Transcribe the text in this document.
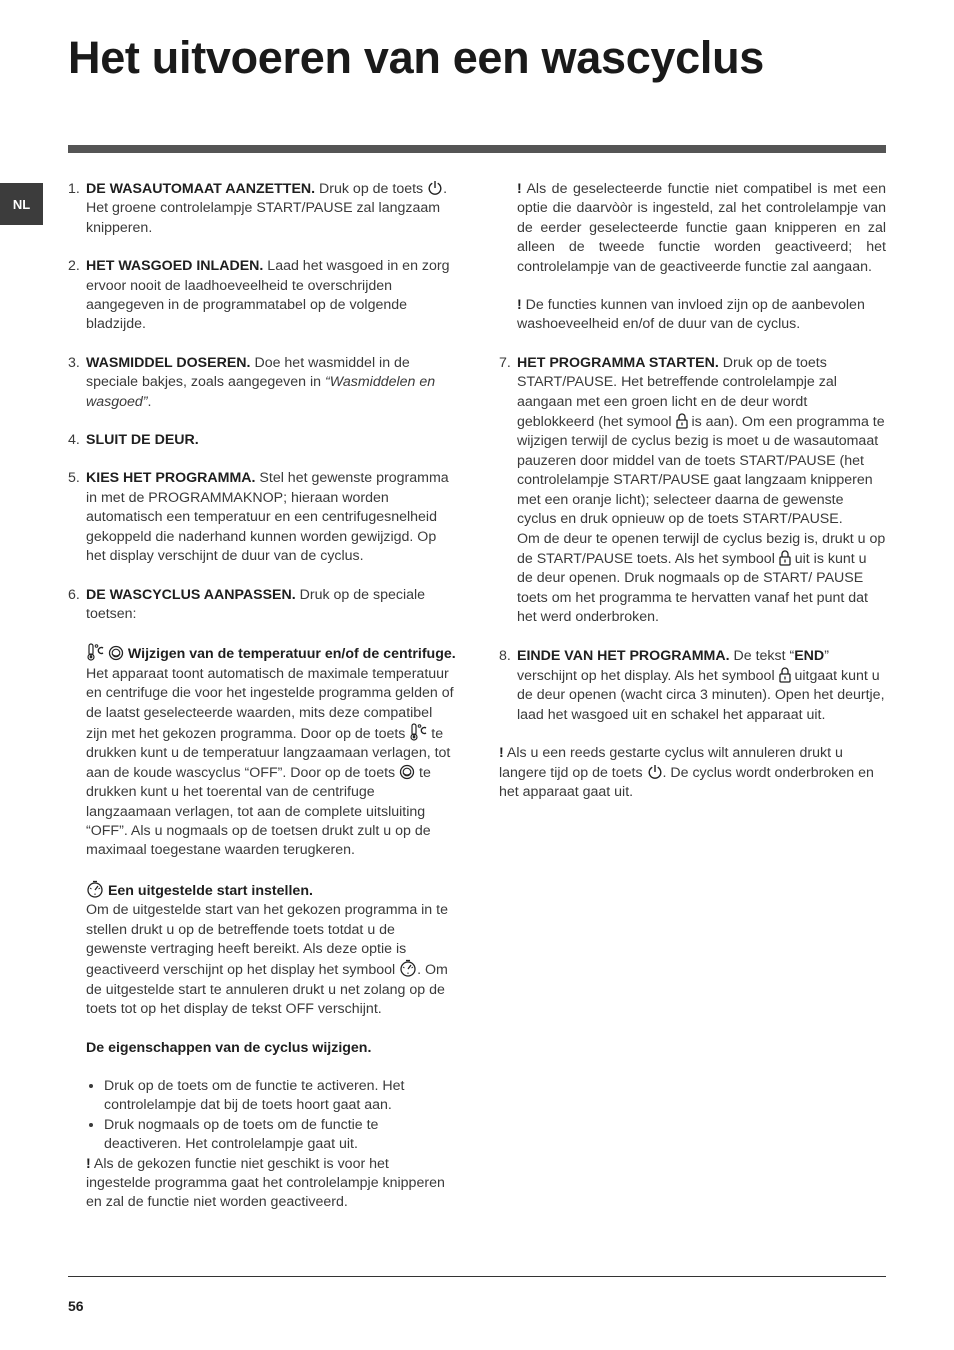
Het uitvoeren van een wascyclus
NL
1. DE WASAUTOMAAT AANZETTEN. Druk op de toets . Het groene controlelampje START/PAUSE zal langzaam knipperen.

2. HET WASGOED INLADEN. Laad het wasgoed in en zorg ervoor nooit de laadhoeveelheid te overschrijden aangegeven in de programmatabel op de volgende bladzijde.

3. WASMIDDEL DOSEREN. Doe het wasmiddel in de speciale bakjes, zoals aangegeven in “Wasmiddelen en wasgoed”.

4. SLUIT DE DEUR.

5. KIES HET PROGRAMMA. Stel het gewenste programma in met de PROGRAMMAKNOP; hieraan worden automatisch een temperatuur en een centrifugesnelheid gekoppeld die naderhand kunnen worden gewijzigd. Op het display verschijnt de duur van de cyclus.

6. DE WASCYCLUS AANPASSEN. Druk op de speciale toetsen:

Wijzigen van de temperatuur en/of de centrifuge. Het apparaat toont automatisch de maximale temperatuur en centrifuge die voor het ingestelde programma gelden of de laatst geselecteerde waarden, mits deze compatibel zijn met het gekozen programma. Door op de toets  te drukken kunt u de temperatuur langzaamaan verlagen, tot aan de koude wascyclus “OFF”. Door op de toets  te drukken kunt u het toerental van de centrifuge langzaamaan verlagen, tot aan de complete uitsluiting “OFF”. Als u nogmaals op de toetsen drukt zult u op de maximaal toegestane waarden terugkeren.

Een uitgestelde start instellen.
Om de uitgestelde start van het gekozen programma in te stellen drukt u op de betreffende toets totdat u de gewenste vertraging heeft bereikt. Als deze optie is geactiveerd verschijnt op het display het symbool . Om de uitgestelde start te annuleren drukt u net zolang op de toets tot op het display de tekst OFF verschijnt.

De eigenschappen van de cyclus wijzigen.

• Druk op de toets om de functie te activeren. Het controlelampje dat bij de toets hoort gaat aan.
• Druk nogmaals op de toets om de functie te deactiveren. Het controlelampje gaat uit.

! Als de gekozen functie niet geschikt is voor het ingestelde programma gaat het controlelampje knipperen en zal de functie niet worden geactiveerd.

! Als de geselecteerde functie niet compatibel is met een optie die daarvòòr is ingesteld, zal het controlelampje van de eerder geselecteerde functie gaan knipperen en zal alleen de tweede functie worden geactiveerd; het controlelampje van de geactiveerde functie zal aangaan.

! De functies kunnen van invloed zijn op de aanbevolen washoeveelheid en/of de duur van de cyclus.

7. HET PROGRAMMA STARTEN. Druk op de toets START/PAUSE. Het betreffende controlelampje zal aangaan met een groen licht en de deur wordt geblokkeerd (het symool  is aan). Om een programma te wijzigen terwijl de cyclus bezig is moet u de wasautomaat pauzeren door middel van de toets START/PAUSE (het controlelampje START/PAUSE gaat langzaam knipperen met een oranje licht); selecteer daarna de gewenste cyclus en druk opnieuw op de toets START/PAUSE.

Om de deur te openen terwijl de cyclus bezig is, drukt u op de START/PAUSE toets. Als het symbool  uit is kunt u de deur openen. Druk nogmaals op de START/ PAUSE toets om het programma te hervatten vanaf het punt dat het werd onderbroken.

8. EINDE VAN HET PROGRAMMA. De tekst “END” verschijnt op het display. Als het symbool  uitgaat kunt u de deur openen (wacht circa 3 minuten). Open het deurtje, laad het wasgoed uit en schakel het apparaat uit.

! Als u een reeds gestarte cyclus wilt annuleren drukt u langere tijd op de toets . De cyclus wordt onderbroken en het apparaat gaat uit.

56
